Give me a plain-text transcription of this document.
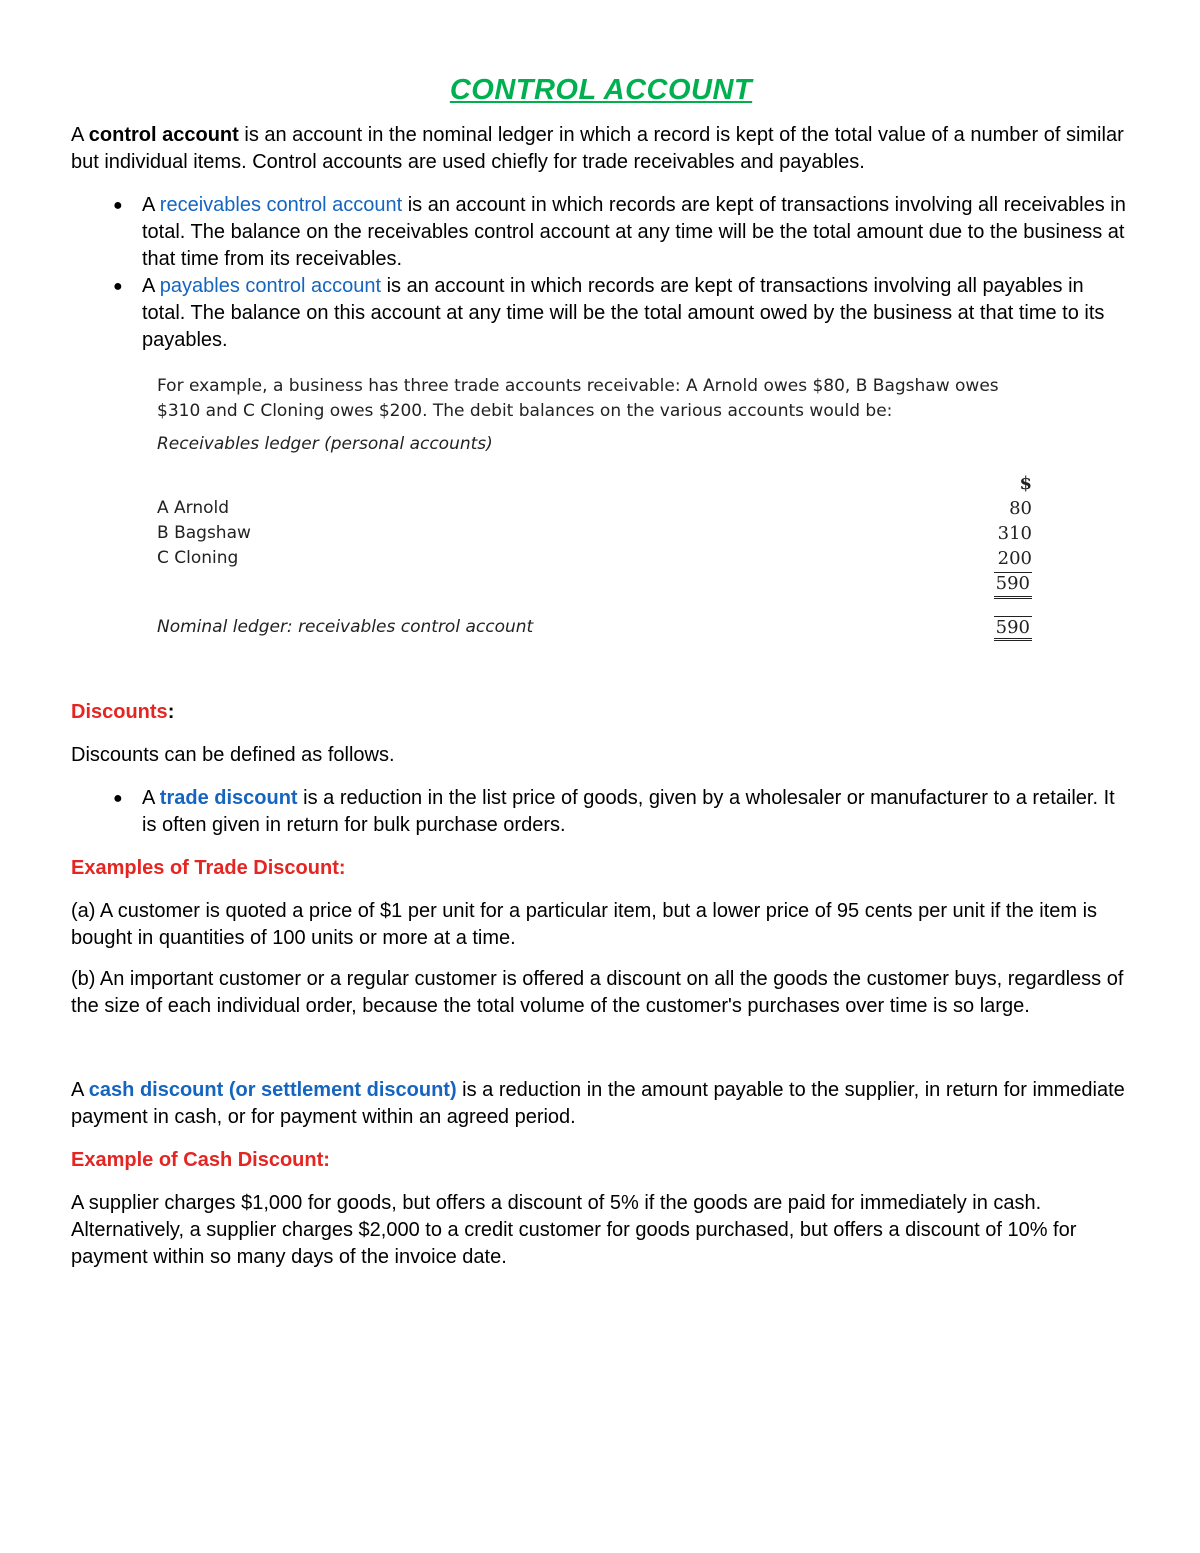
CONTROL ACCOUNT

A control account is an account in the nominal ledger in which a record is kept of the total value of a number of similar but individual items. Control accounts are used chiefly for trade receivables and payables.

● A receivables control account is an account in which records are kept of transactions involving all receivables in total. The balance on the receivables control account at any time will be the total amount due to the business at that time from its receivables.
● A payables control account is an account in which records are kept of transactions involving all payables in total. The balance on this account at any time will be the total amount owed by the business at that time to its payables.

For example, a business has three trade accounts receivable: A Arnold owes $80, B Bagshaw owes $310 and C Cloning owes $200. The debit balances on the various accounts would be:

Receivables ledger (personal accounts)
$
A Arnold	80
B Bagshaw	310
C Cloning	200
590
Nominal ledger: receivables control account	590

Discounts:

Discounts can be defined as follows.

● A trade discount is a reduction in the list price of goods, given by a wholesaler or manufacturer to a retailer. It is often given in return for bulk purchase orders.

Examples of Trade Discount:

(a) A customer is quoted a price of $1 per unit for a particular item, but a lower price of 95 cents per unit if the item is bought in quantities of 100 units or more at a time.

(b) An important customer or a regular customer is offered a discount on all the goods the customer buys, regardless of the size of each individual order, because the total volume of the customer's purchases over time is so large.

A cash discount (or settlement discount) is a reduction in the amount payable to the supplier, in return for immediate payment in cash, or for payment within an agreed period.

Example of Cash Discount:

A supplier charges $1,000 for goods, but offers a discount of 5% if the goods are paid for immediately in cash. Alternatively, a supplier charges $2,000 to a credit customer for goods purchased, but offers a discount of 10% for payment within so many days of the invoice date.
